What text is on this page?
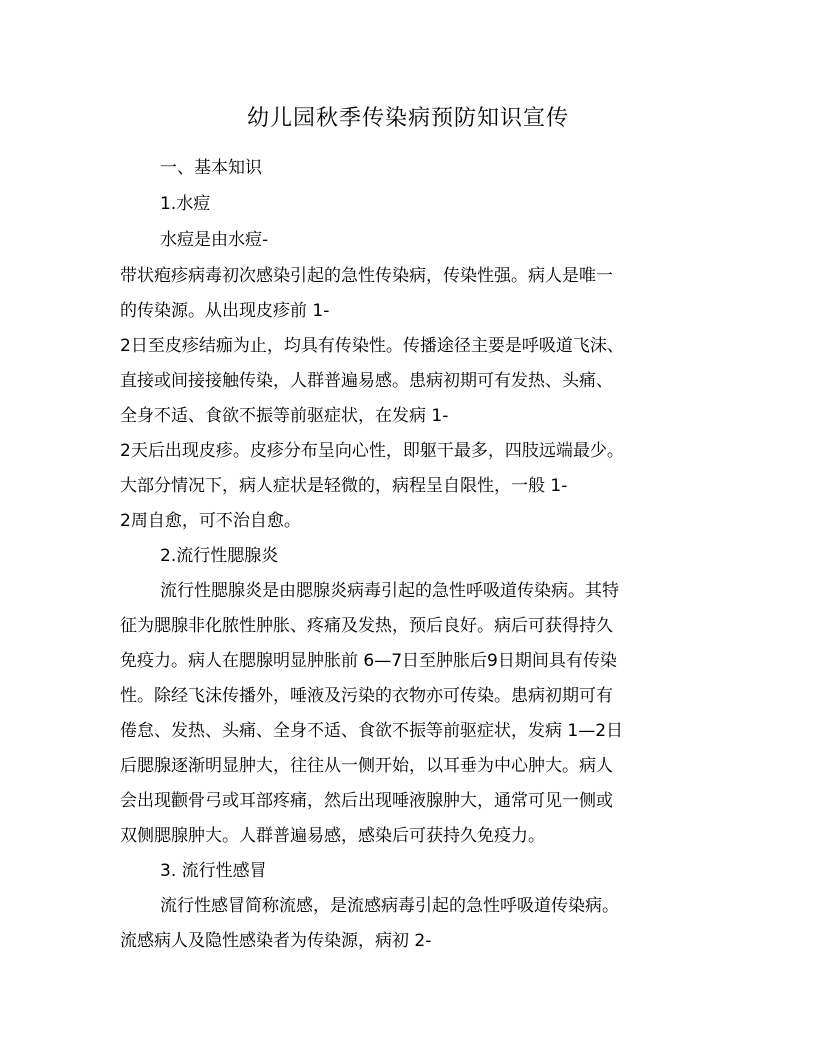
幼儿园秋季传染病预防知识宣传
一、基本知识
1.水痘
水痘是由水痘-
带状疱疹病毒初次感染引起的急性传染病，传染性强。病人是唯一
的传染源。从出现皮疹前 1-
2日至皮疹结痂为止，均具有传染性。传播途径主要是呼吸道飞沫、
直接或间接接触传染，人群普遍易感。患病初期可有发热、头痛、
全身不适、食欲不振等前驱症状，在发病 1-
2天后出现皮疹。皮疹分布呈向心性，即躯干最多，四肢远端最少。
大部分情况下，病人症状是轻微的，病程呈自限性，一般 1-
2周自愈，可不治自愈。
2.流行性腮腺炎
流行性腮腺炎是由腮腺炎病毒引起的急性呼吸道传染病。其特
征为腮腺非化脓性肿胀、疼痛及发热，预后良好。病后可获得持久
免疫力。病人在腮腺明显肿胀前 6—7日至肿胀后9日期间具有传染
性。除经飞沫传播外，唾液及污染的衣物亦可传染。患病初期可有
倦怠、发热、头痛、全身不适、食欲不振等前驱症状，发病 1—2日
后腮腺逐渐明显肿大，往往从一侧开始，以耳垂为中心肿大。病人
会出现颧骨弓或耳部疼痛，然后出现唾液腺肿大，通常可见一侧或
双侧腮腺肿大。人群普遍易感，感染后可获持久免疫力。
3. 流行性感冒
流行性感冒简称流感，是流感病毒引起的急性呼吸道传染病。
流感病人及隐性感染者为传染源，病初 2-
